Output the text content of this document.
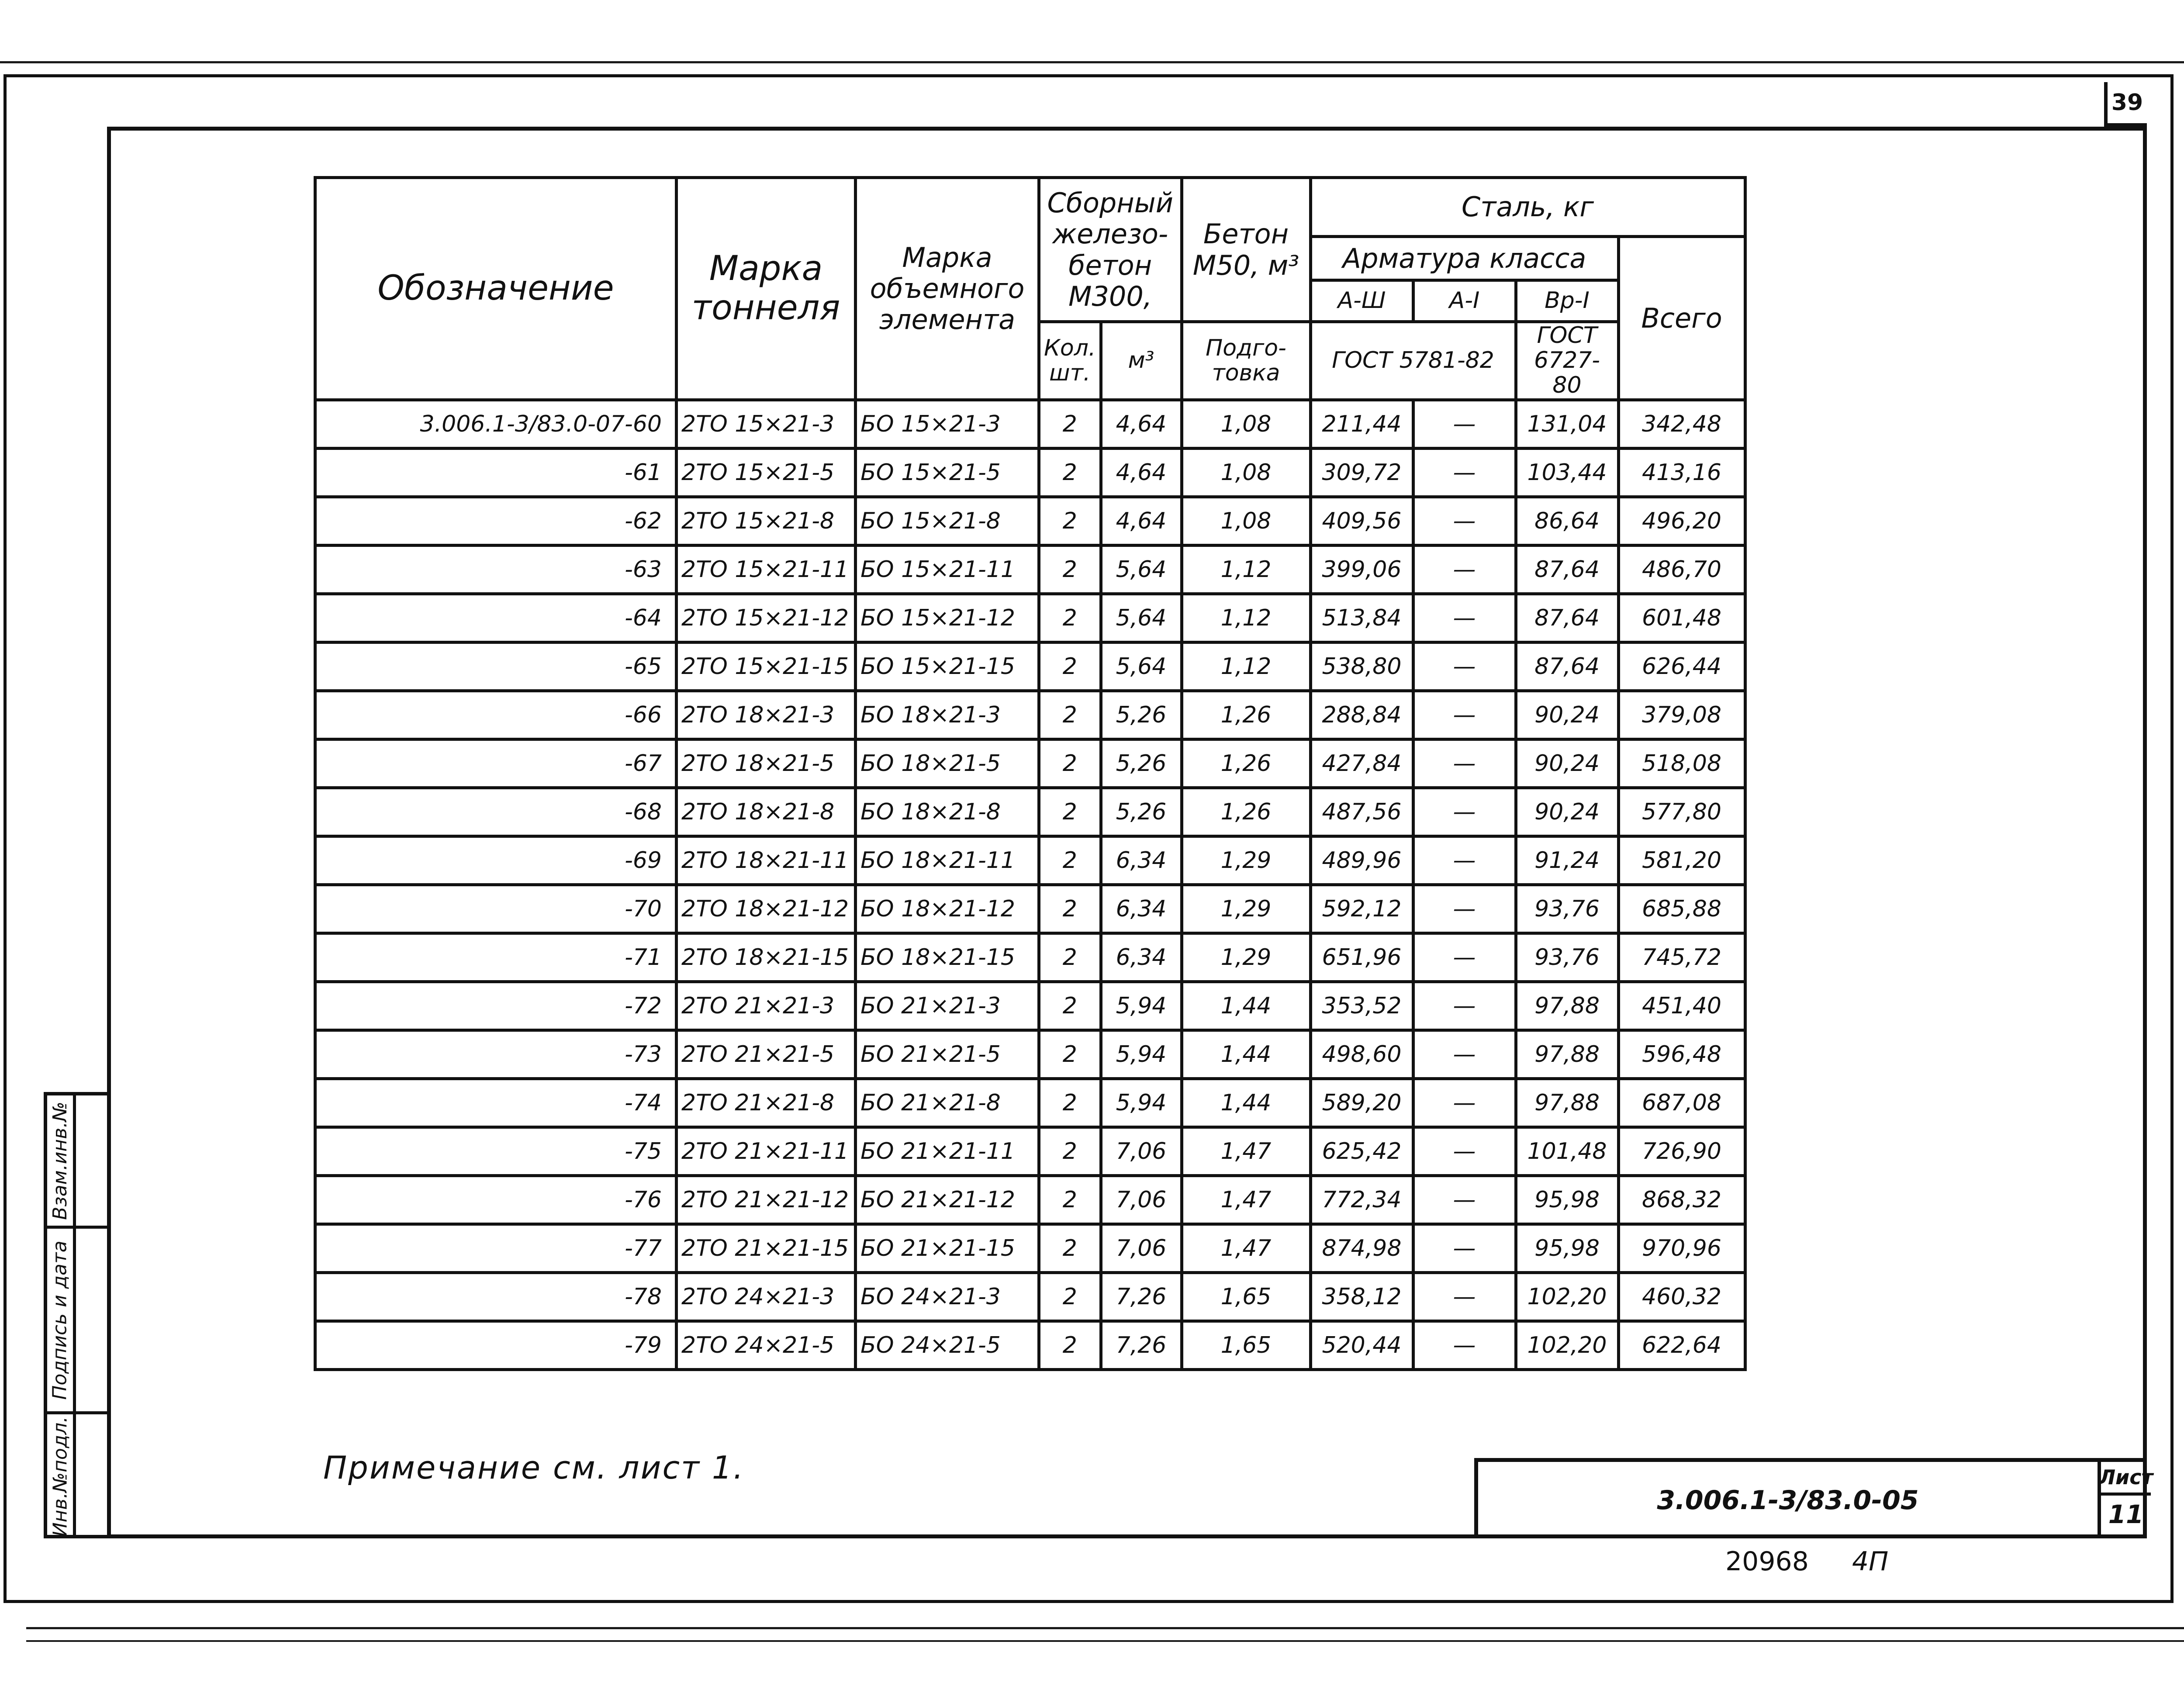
39
Обозначение	Марка тоннеля	Марка объемного элемента	Сборный железо-бетон М300,		Бетон М50, м³	Сталь, кг			
						Арматура класса			Всего
						А-Ш	А-I	Вр-I	
			Кол. шт.	м³	Подго-товка	ГОСТ 5781-82		ГОСТ 6727-80	
3.006.1-3/83.0-07-60	2ТО 15×21-3	БО 15×21-3	2	4,64	1,08	211,44	—	131,04	342,48
-61	2ТО 15×21-5	БО 15×21-5	2	4,64	1,08	309,72	—	103,44	413,16
-62	2ТО 15×21-8	БО 15×21-8	2	4,64	1,08	409,56	—	86,64	496,20
-63	2ТО 15×21-11	БО 15×21-11	2	5,64	1,12	399,06	—	87,64	486,70
-64	2ТО 15×21-12	БО 15×21-12	2	5,64	1,12	513,84	—	87,64	601,48
-65	2ТО 15×21-15	БО 15×21-15	2	5,64	1,12	538,80	—	87,64	626,44
-66	2ТО 18×21-3	БО 18×21-3	2	5,26	1,26	288,84	—	90,24	379,08
-67	2ТО 18×21-5	БО 18×21-5	2	5,26	1,26	427,84	—	90,24	518,08
-68	2ТО 18×21-8	БО 18×21-8	2	5,26	1,26	487,56	—	90,24	577,80
-69	2ТО 18×21-11	БО 18×21-11	2	6,34	1,29	489,96	—	91,24	581,20
-70	2ТО 18×21-12	БО 18×21-12	2	6,34	1,29	592,12	—	93,76	685,88
-71	2ТО 18×21-15	БО 18×21-15	2	6,34	1,29	651,96	—	93,76	745,72
-72	2ТО 21×21-3	БО 21×21-3	2	5,94	1,44	353,52	—	97,88	451,40
-73	2ТО 21×21-5	БО 21×21-5	2	5,94	1,44	498,60	—	97,88	596,48
-74	2ТО 21×21-8	БО 21×21-8	2	5,94	1,44	589,20	—	97,88	687,08
-75	2ТО 21×21-11	БО 21×21-11	2	7,06	1,47	625,42	—	101,48	726,90
-76	2ТО 21×21-12	БО 21×21-12	2	7,06	1,47	772,34	—	95,98	868,32
-77	2ТО 21×21-15	БО 21×21-15	2	7,06	1,47	874,98	—	95,98	970,96
-78	2ТО 24×21-3	БО 24×21-3	2	7,26	1,65	358,12	—	102,20	460,32
-79	2ТО 24×21-5	БО 24×21-5	2	7,26	1,65	520,44	—	102,20	622,64
Примечание см. лист 1.
3.006.1-3/83.0-05
Лист
11
Взам.инв.№
Подпись и дата
Инв.№подл.
20968 4П
